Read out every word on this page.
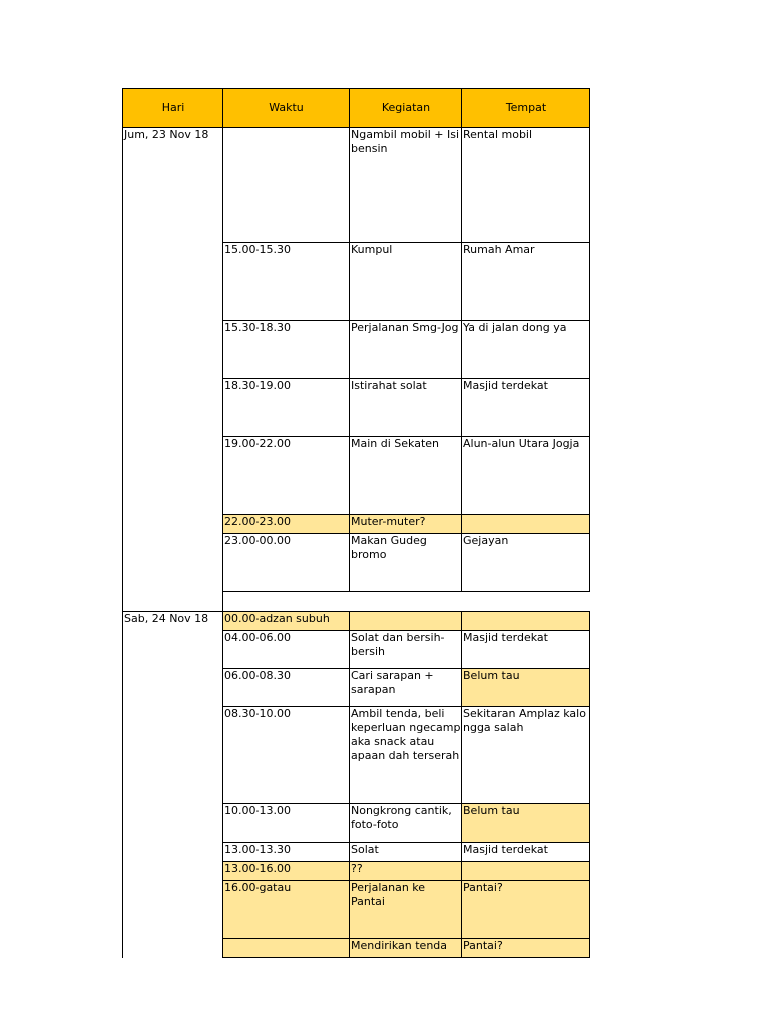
Hari	Waktu	Kegiatan	Tempat
Jum, 23 Nov 18		Ngambil mobil + Isi bensin	Rental mobil
	15.00-15.30	Kumpul	Rumah Amar
	15.30-18.30	Perjalanan Smg-Jog	Ya di jalan dong ya
	18.30-19.00	Istirahat solat	Masjid terdekat
	19.00-22.00	Main di Sekaten	Alun-alun Utara Jogja
	22.00-23.00	Muter-muter?	
	23.00-00.00	Makan Gudeg bromo	Gejayan

Sab, 24 Nov 18	00.00-adzan subuh		
	04.00-06.00	Solat dan bersih-bersih	Masjid terdekat
	06.00-08.30	Cari sarapan + sarapan	Belum tau
	08.30-10.00	Ambil tenda, beli keperluan ngecamp aka snack atau apaan dah terserah	Sekitaran Amplaz kalo ngga salah
	10.00-13.00	Nongkrong cantik, foto-foto	Belum tau
	13.00-13.30	Solat	Masjid terdekat
	13.00-16.00	??	
	16.00-gatau	Perjalanan ke Pantai	Pantai?
		Mendirikan tenda	Pantai?
